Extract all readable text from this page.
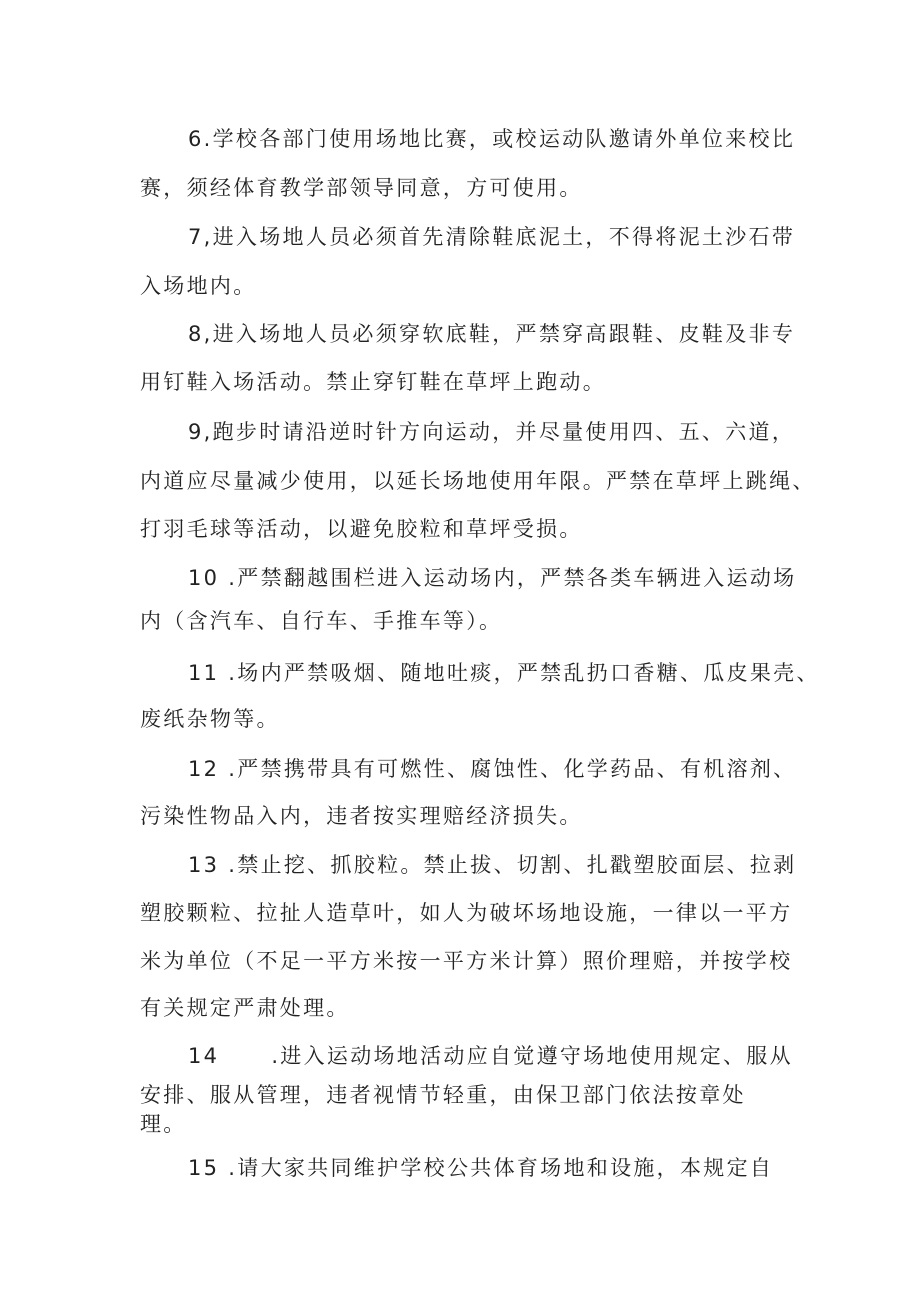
6.学校各部门使用场地比赛，或校运动队邀请外单位来校比
赛，须经体育教学部领导同意，方可使用。
7,进入场地人员必须首先清除鞋底泥土，不得将泥土沙石带
入场地内。
8,进入场地人员必须穿软底鞋，严禁穿高跟鞋、皮鞋及非专
用钉鞋入场活动。禁止穿钉鞋在草坪上跑动。
9,跑步时请沿逆时针方向运动，并尽量使用四、五、六道，
内道应尽量减少使用，以延长场地使用年限。严禁在草坪上跳绳、
打羽毛球等活动，以避免胶粒和草坪受损。
10 .严禁翻越围栏进入运动场内，严禁各类车辆进入运动场
内（含汽车、自行车、手推车等）。
11 .场内严禁吸烟、随地吐痰，严禁乱扔口香糖、瓜皮果壳、
废纸杂物等。
12 .严禁携带具有可燃性、腐蚀性、化学药品、有机溶剂、
污染性物品入内，违者按实理赔经济损失。
13 .禁止挖、抓胶粒。禁止拔、切割、扎戳塑胶面层、拉剥
塑胶颗粒、拉扯人造草叶，如人为破坏场地设施，一律以一平方
米为单位（不足一平方米按一平方米计算）照价理赔，并按学校
有关规定严肃处理。
14 .进入运动场地活动应自觉遵守场地使用规定、服从
安排、服从管理，违者视情节轻重，由保卫部门依法按章处
理。
15 .请大家共同维护学校公共体育场地和设施，本规定自
